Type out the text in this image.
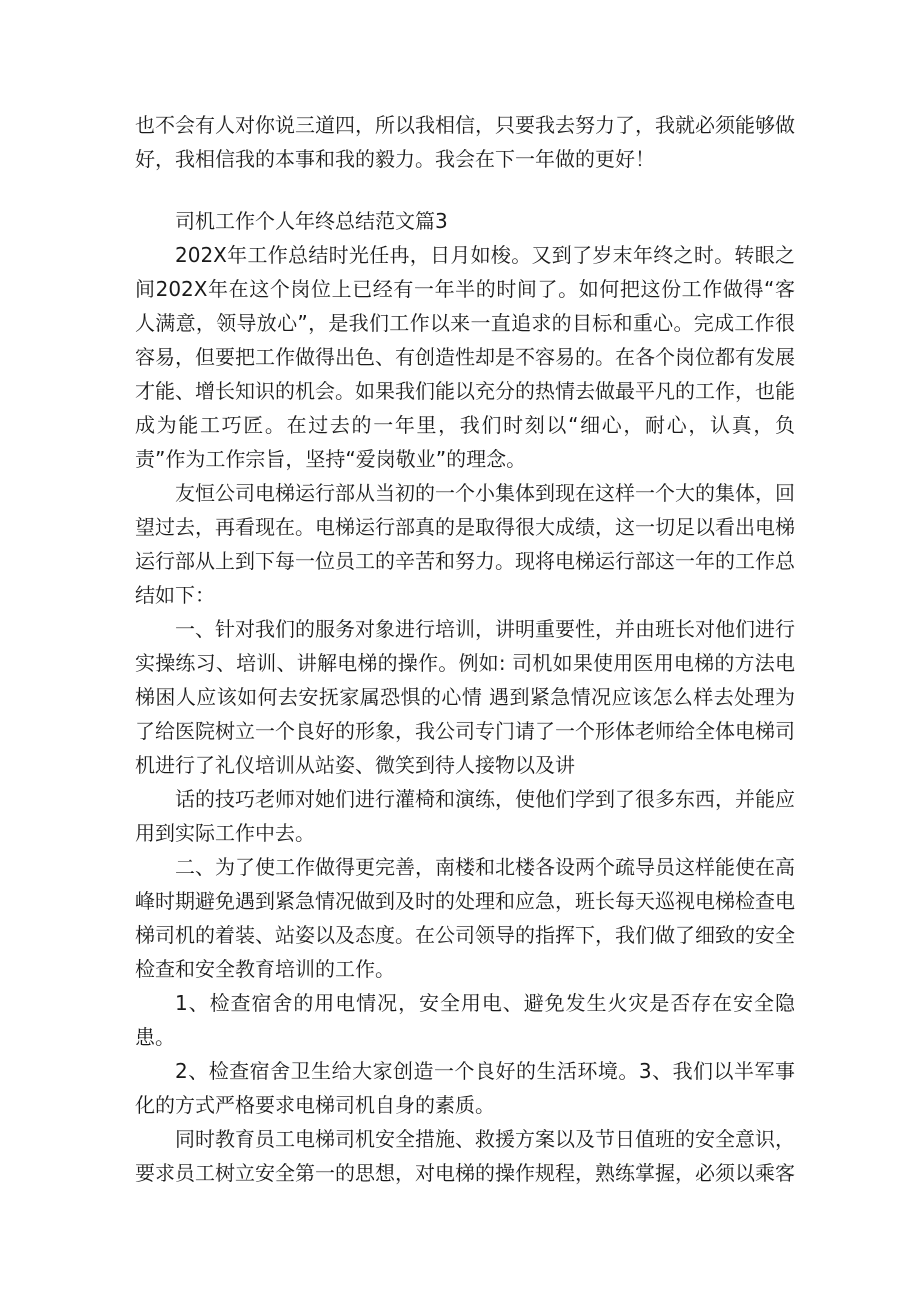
也不会有人对你说三道四，所以我相信，只要我去努力了，我就必须能够做好，我相信我的本事和我的毅力。我会在下一年做的更好！

司机工作个人年终总结范文篇3

202X年工作总结时光任冉，日月如梭。又到了岁末年终之时。转眼之间202X年在这个岗位上已经有一年半的时间了。如何把这份工作做得“客人满意，领导放心”，是我们工作以来一直追求的目标和重心。完成工作很容易，但要把工作做得出色、有创造性却是不容易的。在各个岗位都有发展才能、增长知识的机会。如果我们能以充分的热情去做最平凡的工作，也能成为能工巧匠。在过去的一年里，我们时刻以“细心，耐心，认真，负责”作为工作宗旨，坚持“爱岗敬业”的理念。

友恒公司电梯运行部从当初的一个小集体到现在这样一个大的集体，回望过去，再看现在。电梯运行部真的是取得很大成绩，这一切足以看出电梯运行部从上到下每一位员工的辛苦和努力。现将电梯运行部这一年的工作总结如下：

一、针对我们的服务对象进行培训，讲明重要性，并由班长对他们进行实操练习、培训、讲解电梯的操作。例如: 司机如果使用医用电梯的方法电梯困人应该如何去安抚家属恐惧的心情 遇到紧急情况应该怎么样去处理为了给医院树立一个良好的形象，我公司专门请了一个形体老师给全体电梯司机进行了礼仪培训从站姿、微笑到待人接物以及讲

话的技巧老师对她们进行灌椅和演练，使他们学到了很多东西，并能应用到实际工作中去。

二、为了使工作做得更完善，南楼和北楼各设两个疏导员这样能使在高峰时期避免遇到紧急情况做到及时的处理和应急，班长每天巡视电梯检查电梯司机的着装、站姿以及态度。在公司领导的指挥下，我们做了细致的安全检查和安全教育培训的工作。

1、检查宿舍的用电情况，安全用电、避免发生火灾是否存在安全隐患。

2、检查宿舍卫生给大家创造一个良好的生活环境。3、我们以半军事化的方式严格要求电梯司机自身的素质。

同时教育员工电梯司机安全措施、救援方案以及节日值班的安全意识，要求员工树立安全第一的思想，对电梯的操作规程，熟练掌握，必须以乘客
